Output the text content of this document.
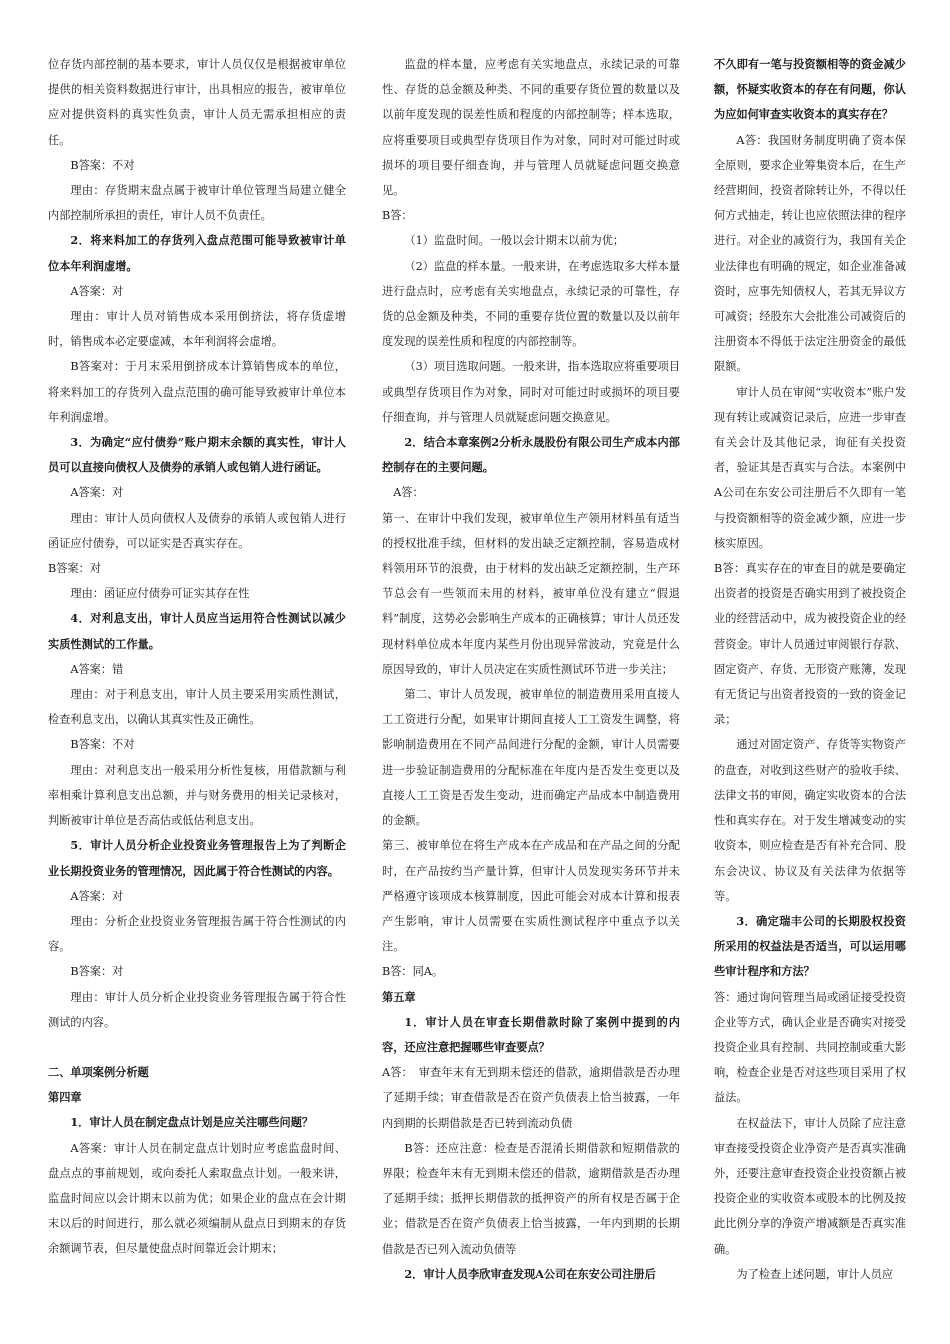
位存货内部控制的基本要求，审计人员仅仅是根据被审单位提供的相关资料数据进行审计，出具相应的报告，被审单位应对提供资料的真实性负责，审计人员无需承担相应的责任。

B答案：不对

理由：存货期末盘点属于被审计单位管理当局建立健全内部控制所承担的责任，审计人员不负责任。

2．将来料加工的存货列入盘点范围可能导致被审计单位本年利润虚增。

A答案：对

理由：审计人员对销售成本采用倒挤法，将存货虚增时，销售成本必定要虚减，本年利润将会虚增。

B答案对：于月末采用倒挤成本计算销售成本的单位，将来料加工的存货列入盘点范围的确可能导致被审计单位本年利润虚增。

3．为确定“应付债券”账户期末余额的真实性，审计人员可以直接向债权人及债券的承销人或包销人进行函证。

A答案：对

理由：审计人员向债权人及债券的承销人或包销人进行函证应付债券，可以证实是否真实存在。

B答案：对

理由：函证应付债券可证实其存在性

4．对利息支出，审计人员应当运用符合性测试以减少实质性测试的工作量。

A答案：错

理由：对于利息支出，审计人员主要采用实质性测试，检查利息支出，以确认其真实性及正确性。

B答案：不对

理由：对利息支出一般采用分析性复核，用借款额与利率相乘计算利息支出总额，并与财务费用的相关记录核对，判断被审计单位是否高估或低估利息支出。

5．审计人员分析企业投资业务管理报告上为了判断企业长期投资业务的管理情况，因此属于符合性测试的内容。

A答案：对

理由：分析企业投资业务管理报告属于符合性测试的内容。

B答案：对

理由：审计人员分析企业投资业务管理报告属于符合性测试的内容。

二、单项案例分析题

第四章

1．审计人员在制定盘点计划是应关注哪些问题？

A答案：审计人员在制定盘点计划时应考虑监盘时间、盘点点的事前规划，或向委托人索取盘点计划。一般来讲，监盘时间应以会计期末以前为优；如果企业的盘点在会计期末以后的时间进行，那么就必须编制从盘点日到期末的存货余额调节表，但尽量使盘点时间靠近会计期末；

监盘的样本量，应考虑有关实地盘点，永续记录的可靠性、存货的总金额及种类、不同的重要存货位置的数量以及以前年度发现的误差性质和程度的内部控制等；样本选取，应将重要项目或典型存货项目作为对象，同时对可能过时或损坏的项目要仔细查询，并与管理人员就疑虑问题交换意见。

B答：

（1）监盘时间。一般以会计期末以前为优；

（2）监盘的样本量。一般来讲，在考虑选取多大样本量进行盘点时，应考虑有关实地盘点，永续记录的可靠性，存货的总金额及种类，不同的重要存货位置的数量以及以前年度发现的误差性质和程度的内部控制等。

（3）项目选取问题。一般来讲，指本选取应将重要项目或典型存货项目作为对象，同时对可能过时或损坏的项目要仔细查询，并与管理人员就疑虑问题交换意见。

2．结合本章案例2分析永晟股份有限公司生产成本内部控制存在的主要问题。

A答：

第一、在审计中我们发现，被审单位生产领用材料虽有适当的授权批准手续，但材料的发出缺乏定额控制，容易造成材料领用环节的浪费，由于材料的发出缺乏定额控制，生产环节总会有一些领而未用的材料，被审单位没有建立“假退料”制度，这势必会影响生产成本的正确核算；审计人员还发现材料单位成本年度内某些月份出现异常波动，究竟是什么原因导致的，审计人员决定在实质性测试环节进一步关注；

第二、审计人员发现，被审单位的制造费用采用直接人工工资进行分配，如果审计期间直接人工工资发生调整，将影响制造费用在不同产品间进行分配的金额，审计人员需要进一步验证制造费用的分配标准在年度内是否发生变更以及直接人工工资是否发生变动，进而确定产品成本中制造费用的金额。

第三、被审单位在将生产成本在产成品和在产品之间的分配时，在产品按约当产量计算，但审计人员发现实务环节并未严格遵守该项成本核算制度，因此可能会对成本计算和报表产生影响，审计人员需要在实质性测试程序中重点予以关注。

B答：同A。

第五章

1．审计人员在审查长期借款时除了案例中提到的内容，还应注意把握哪些审查要点？

A答：　审查年末有无到期未偿还的借款，逾期借款是否办理了延期手续；审查借款是否在资产负债表上恰当披露，一年内到期的长期借款是否已转到流动负债

B答：还应注意：检查是否混淆长期借款和短期借款的界限；检查年末有无到期未偿还的借款，逾期借款是否办理了延期手续；抵押长期借款的抵押资产的所有权是否属于企业；借款是否在资产负债表上恰当披露，一年内到期的长期借款是否已列入流动负债等

2．审计人员李欣审查发现A公司在东安公司注册后

不久即有一笔与投资额相等的资金减少额，怀疑实收资本的存在有问题，你认为应如何审查实收资本的真实存在？

A答：我国财务制度明确了资本保全原则，要求企业筹集资本后，在生产经营期间，投资者除转让外，不得以任何方式抽走，转让也应依照法律的程序进行。对企业的减资行为，我国有关企业法律也有明确的规定，如企业准备减资时，应事先知债权人，若其无异议方可减资；经股东大会批准公司减资后的注册资本不得低于法定注册资金的最低限额。

审计人员在审阅“实收资本”账户发现有转让或减资记录后，应进一步审查有关会计及其他记录，询征有关投资者，验证其是否真实与合法。本案例中A公司在东安公司注册后不久即有一笔与投资额相等的资金减少额，应进一步核实原因。

B答：真实存在的审查目的就是要确定出资者的投资是否确实用到了被投资企业的经营活动中，成为被投资企业的经营资金。审计人员通过审阅银行存款、固定资产、存货、无形资产账簿，发现有无货记与出资者投资的一致的资金记录；

通过对固定资产、存货等实物资产的盘查，对收到这些财产的验收手续、法律文书的审阅，确定实收资本的合法性和真实存在。对于发生增减变动的实收资本，则应检查是否有补充合同、股东会决议、协议及有关法律为依据等等。

3．确定瑞丰公司的长期股权投资所采用的权益法是否适当，可以运用哪些审计程序和方法？

答：通过询问管理当局或函证接受投资企业等方式，确认企业是否确实对接受投资企业具有控制、共同控制或重大影响，检查企业是否对这些项目采用了权益法。

在权益法下，审计人员除了应注意审查接受投资企业净资产是否真实准确外，还要注意审查投资企业投资额占被投资企业的实收资本或股本的比例及按此比例分享的净资产增减额是否真实准确。

为了检查上述问题，审计人员应
